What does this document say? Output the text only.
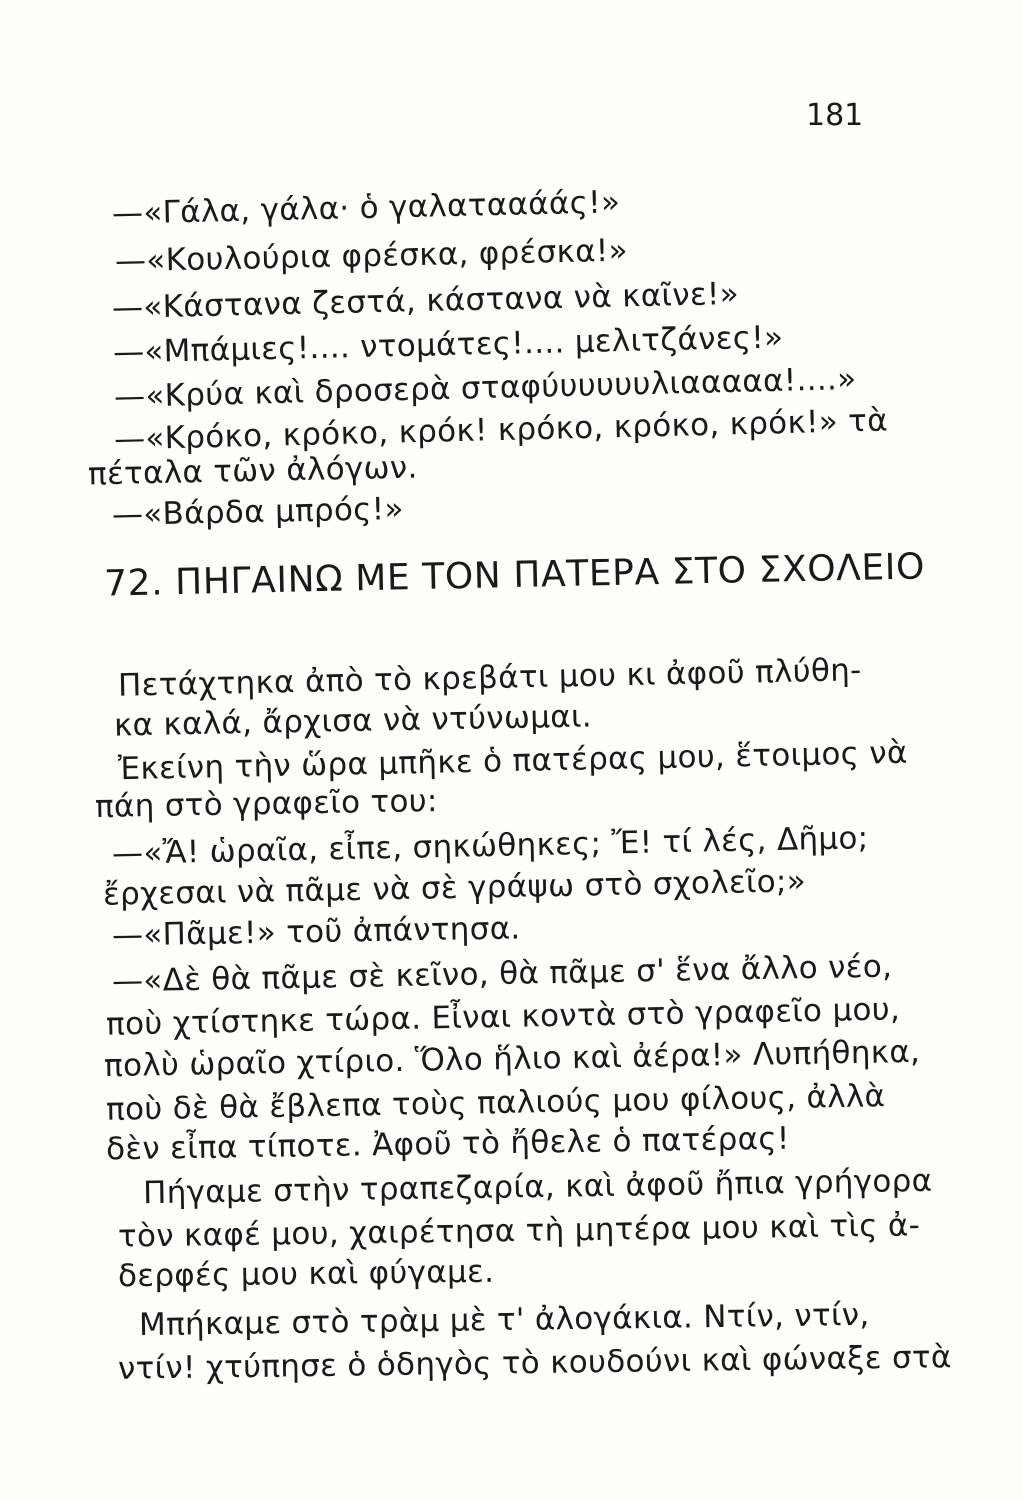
181
—«Γάλα, γάλα· ὁ γαλατααάάς!»
—«Κουλούρια φρέσκα, φρέσκα!»
—«Κάστανα ζεστά, κάστανα νὰ καῖνε!»
—«Μπάμιες!.... ντομάτες!.... μελιτζάνες!»
—«Κρύα καὶ δροσερὰ σταφύυυυυυλιααααα!....»
—«Κρόκο, κρόκο, κρόκ! κρόκο, κρόκο, κρόκ!» τὰ
πέταλα τῶν ἀλόγων.
—«Βάρδα μπρός!»
72. ΠΗΓΑΙΝΩ ΜΕ ΤΟΝ ΠΑΤΕΡΑ ΣΤΟ ΣΧΟΛΕΙΟ
Πετάχτηκα ἀπὸ τὸ κρεβάτι μου κι ἀφοῦ πλύθη-
κα καλά, ἄρχισα νὰ ντύνωμαι.
Ἐκείνη τὴν ὥρα μπῆκε ὁ πατέρας μου, ἕτοιμος νὰ
πάη στὸ γραφεῖο του:
—«Ἄ! ὡραῖα, εἶπε, σηκώθηκες; Ἔ! τί λές, Δῆμο;
ἔρχεσαι νὰ πᾶμε νὰ σὲ γράψω στὸ σχολεῖο;»
—«Πᾶμε!» τοῦ ἀπάντησα.
—«Δὲ θὰ πᾶμε σὲ κεῖνο, θὰ πᾶμε σ' ἕνα ἄλλο νέο,
ποὺ χτίστηκε τώρα. Εἶναι κοντὰ στὸ γραφεῖο μου,
πολὺ ὡραῖο χτίριο. Ὅλο ἥλιο καὶ ἀέρα!» Λυπήθηκα,
ποὺ δὲ θὰ ἔβλεπα τοὺς παλιούς μου φίλους, ἀλλὰ
δὲν εἶπα τίποτε. Ἀφοῦ τὸ ἤθελε ὁ πατέρας!
Πήγαμε στὴν τραπεζαρία, καὶ ἀφοῦ ἤπια γρήγορα
τὸν καφέ μου, χαιρέτησα τὴ μητέρα μου καὶ τὶς ἀ-
δερφές μου καὶ φύγαμε.
Μπήκαμε στὸ τρὰμ μὲ τ' ἀλογάκια. Ντίν, ντίν,
ντίν! χτύπησε ὁ ὁδηγὸς τὸ κουδούνι καὶ φώναξε στὰ
